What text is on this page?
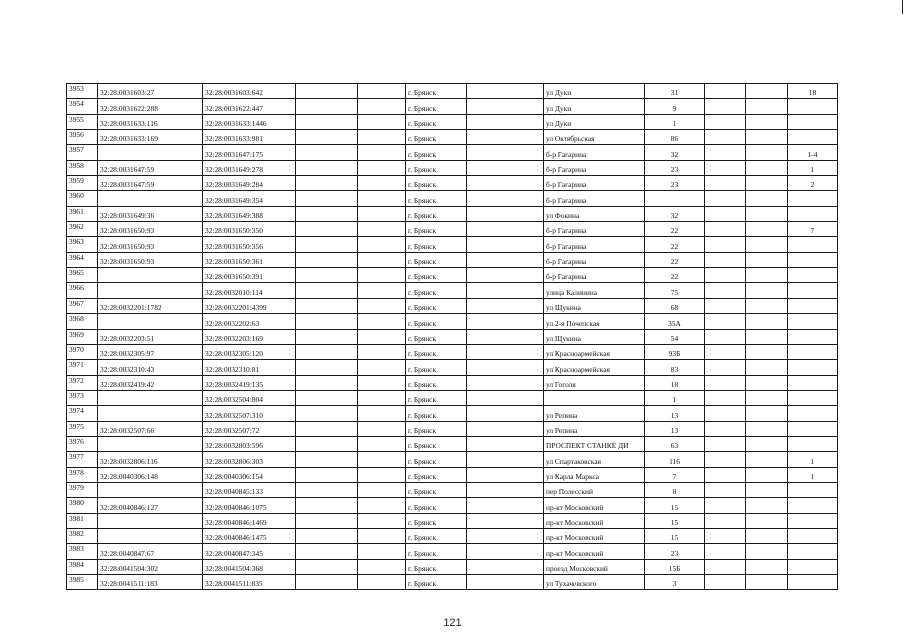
3953	32:28:0031603:27	32:28:0031603:642			г. Брянск		ул Дуки	31			18
3954	32:28:0031622:288	32:28:0031622:447			г. Брянск		ул Дуки	9			
3955	32:28:0031633:116	32:28:0031633:1446			г. Брянск		ул Дуки	1			
3956	32:28:0031633:169	32:28:0031633:981			г. Брянск		ул Октябрьская	86			
3957		32:28:0031647:175			г. Брянск		б-р Гагарина	32			1-4
3958	32:28:0031647:59	32:28:0031649:278			г. Брянск		б-р Гагарина	23			1
3959	32:28:0031647:59	32:28:0031649:284			г. Брянск		б-р Гагарина	23			2
3960		32:28:0031649:354			г. Брянск		б-р Гагарина				
3961	32:28:0031649:36	32:28:0031649:388			г. Брянск		ул Фокина	32			
3962	32:28:0031650:93	32:28:0031650:350			г. Брянск		б-р Гагарина	22			7
3963	32:28:0031650:93	32:28:0031650:356			г. Брянск		б-р Гагарина	22			
3964	32:28:0031650:93	32:28:0031650:361			г. Брянск		б-р Гагарина	22			
3965		32:28:0031650:391			г. Брянск		б-р Гагарина	22			
3966		32:28:0032010:114			г. Брянск		улица Калинина	75			
3967	32:28:0032201:1782	32:28:0032201:4399			г. Брянск		ул Щукина	68			
3968		32:28:0032202:63			г. Брянск		ул 2-я Почепская	35А			
3969	32:28:0032203:51	32:28:0032203:169			г. Брянск		ул Щукина	54			
3970	32:28:0032305:97	32:28:0032305:120			г. Брянск		ул Красноармейская	93Б			
3971	32:28:0032310:43	32:28:0032310:81			г. Брянск		ул Красноармейская	83			
3972	32:28:0032419:42	32:28:0032419:135			г. Брянск		ул Гоголя	18			
3973		32:28:0032504:804			г. Брянск			1			
3974		32:28:0032507:310			г. Брянск		ул Репина	13			
3975	32:28:0032507:66	32:28:0032507:72			г. Брянск		ул Репина	13			
3976		32:28:0032803:596			г. Брянск		ПРОСПЕКТ СТАНКЕ ДИ	63			
3977	32:28:0032806:116	32:28:0032806:303			г. Брянск		ул Спартаковская	116			1
3978	32:28:0040306:148	32:28:0040306:154			г. Брянск		ул Карла Маркса	7			1
3979		32:28:0040845:133			г. Брянск		пер Полесский	8			
3980	32:28:0040846:127	32:28:0040846:1075			г. Брянск		пр-кт Московский	15			
3981		32:28:0040846:1469			г. Брянск		пр-кт Московский	15			
3982		32:28:0040846:1475			г. Брянск		пр-кт Московский	15			
3983	32:28:0040847:67	32:28:0040847:345			г. Брянск		пр-кт Московский	23			
3984	32:28:0041504:302	32:28:0041504:368			г. Брянск		проезд Московский	15Б			
3985	32:28:0041511:183	32:28:0041511:835			г. Брянск		ул Тухачевского	3			
121
